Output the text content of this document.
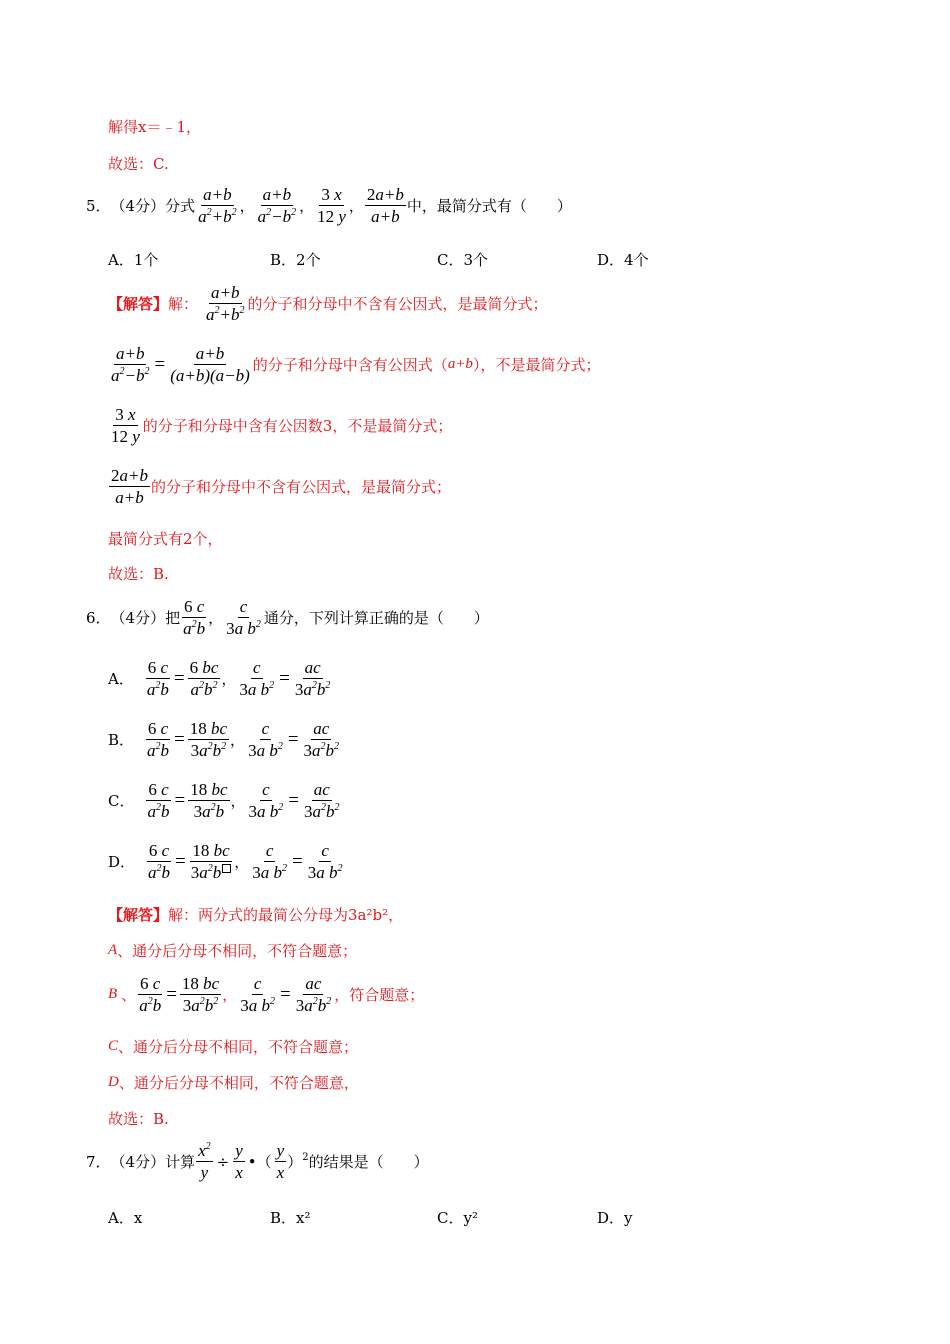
解得x＝﹣1，
故选：C.
5． （4分） 分式 $\frac{a+b}{a^2+b^2}$ ， $\frac{a+b}{a^2-b^2}$ ， $\frac{3 x}{12 y}$ ， $\frac{2a+b}{a+b}$ 中，最简分式有（　　）
A．1个	B．2个	C．3个	D．4个
【解答】 解： $\frac{a+b}{a^2+b^2}$ 的分子和分母中不含有公因式，是最简分式；
$\frac{a+b}{a^2-b^2} = \frac{a+b}{(a+b)(a-b)}$ 的分子和分母中含有公因式（ a+b ），不是最简分式；
$\frac{3 x}{12 y}$ 的分子和分母中含有公因数3，不是最简分式；
$\frac{2a+b}{a+b}$ 的分子和分母中不含有公因式，是最简分式；
最简分式有2个，
故选：B.
6． （4分） 把 $\frac{6 c}{a^2b}$ ， $\frac{c}{3a b^2}$ 通分，下列计算正确的是（　　）
A． $\frac{6 c}{a^2b} = \frac{6 bc}{a^2b^2}$ ， $\frac{c}{3a b^2} = \frac{ac}{3a^2b^2}$
B． $\frac{6 c}{a^2b} = \frac{18 bc}{3a^2b^2}$ ， $\frac{c}{3a b^2} = \frac{ac}{3a^2b^2}$
C． $\frac{6 c}{a^2b} = \frac{18 bc}{3a^2b}$ ， $\frac{c}{3a b^2} = \frac{ac}{3a^2b^2}$
D． $\frac{6 c}{a^2b} = \frac{18 bc}{3a^2b}$ ， $\frac{c}{3a b^2} = \frac{c}{3a b^2}$
【解答】 解：两分式的最简公分母为3a²b²，
A 、通分后分母不相同，不符合题意；
B 、 $\frac{6 c}{a^2b} = \frac{18 bc}{3a^2b^2}$ ， $\frac{c}{3a b^2} = \frac{ac}{3a^2b^2}$ ，符合题意；
C 、通分后分母不相同，不符合题意；
D 、通分后分母不相同，不符合题意，
故选：B.
7． （4分） 计算 $\frac{x^2}{y} \div \frac{y}{x}$ •（ $\frac{y}{x} )^2$ 的结果是（　　）
A．x	B．x²	C．y²	D．y
